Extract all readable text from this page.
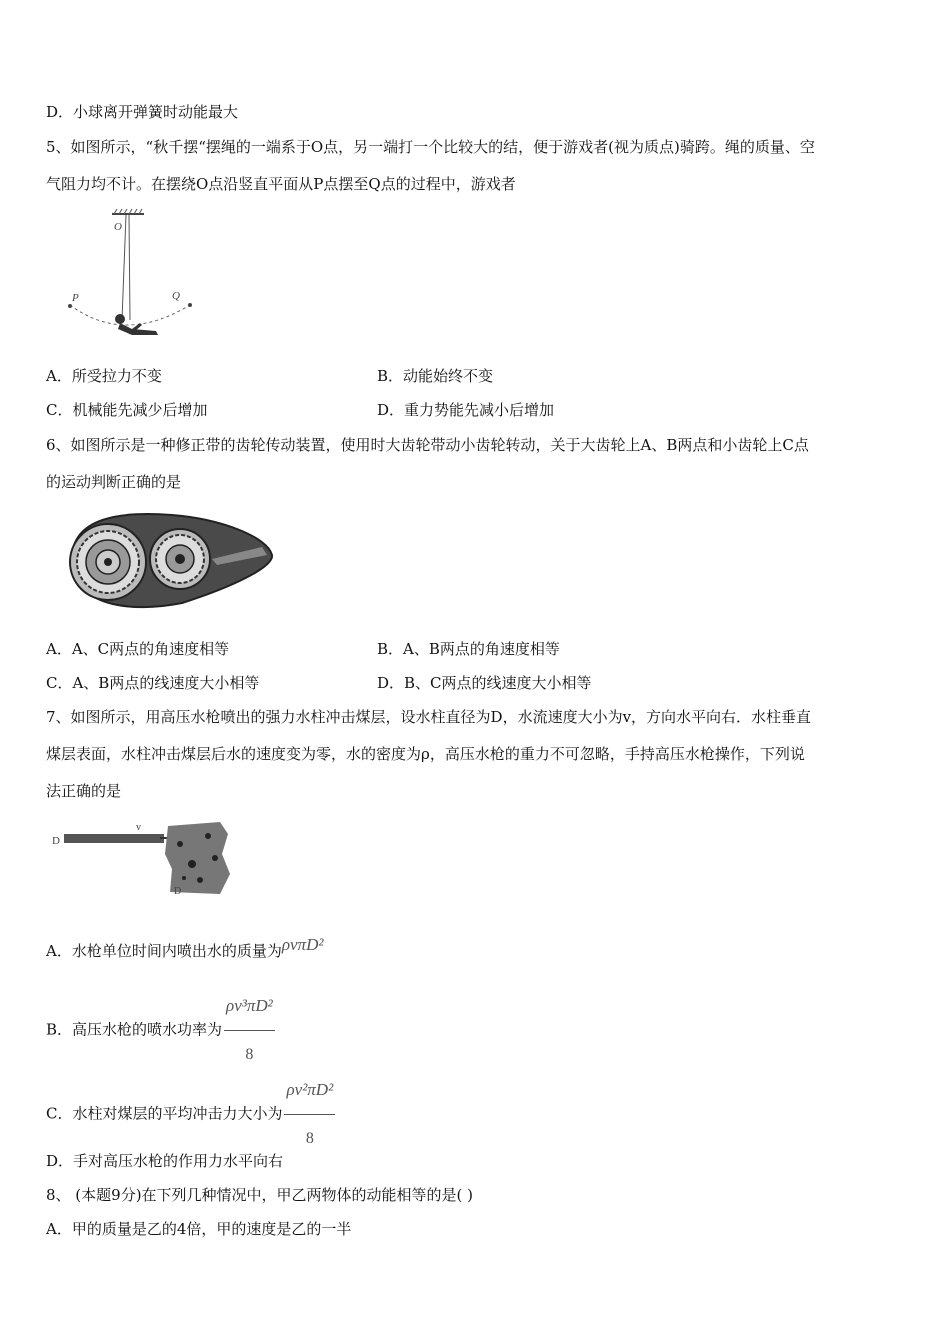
D．小球离开弹簧时动能最大
5、如图所示，“秋千摆“摆绳的一端系于O点，另一端打一个比较大的结，便于游戏者(视为质点)骑跨。绳的质量、空
气阻力均不计。在摆绕O点沿竖直平面从P点摆至Q点的过程中，游戏者
O
P	Q
A．所受拉力不变	B．动能始终不变
C．机械能先减少后增加	D．重力势能先减小后增加
6、如图所示是一种修正带的齿轮传动装置，使用时大齿轮带动小齿轮转动，关于大齿轮上A、B两点和小齿轮上C点
的运动判断正确的是
A．A、C两点的角速度相等	B．A、B两点的角速度相等
C．A、B两点的线速度大小相等	D．B、C两点的线速度大小相等
7、如图所示，用高压水枪喷出的强力水柱冲击煤层，设水柱直径为D，水流速度大小为v，方向水平向右．水柱垂直
煤层表面，水柱冲击煤层后水的速度变为零，水的密度为ρ，高压水枪的重力不可忽略，手持高压水枪操作，下列说
法正确的是
D
v
D
A．水枪单位时间内喷出水的质量为ρvπD²
B．高压水枪的喷水功率为 $\frac{\text{ρv³πD²}}{8}$
C．水柱对煤层的平均冲击力大小为 $\frac{\text{ρv²πD²}}{8}$
D．手对高压水枪的作用力水平向右
8、 (本题9分)在下列几种情况中，甲乙两物体的动能相等的是( )
A．甲的质量是乙的4倍，甲的速度是乙的一半
